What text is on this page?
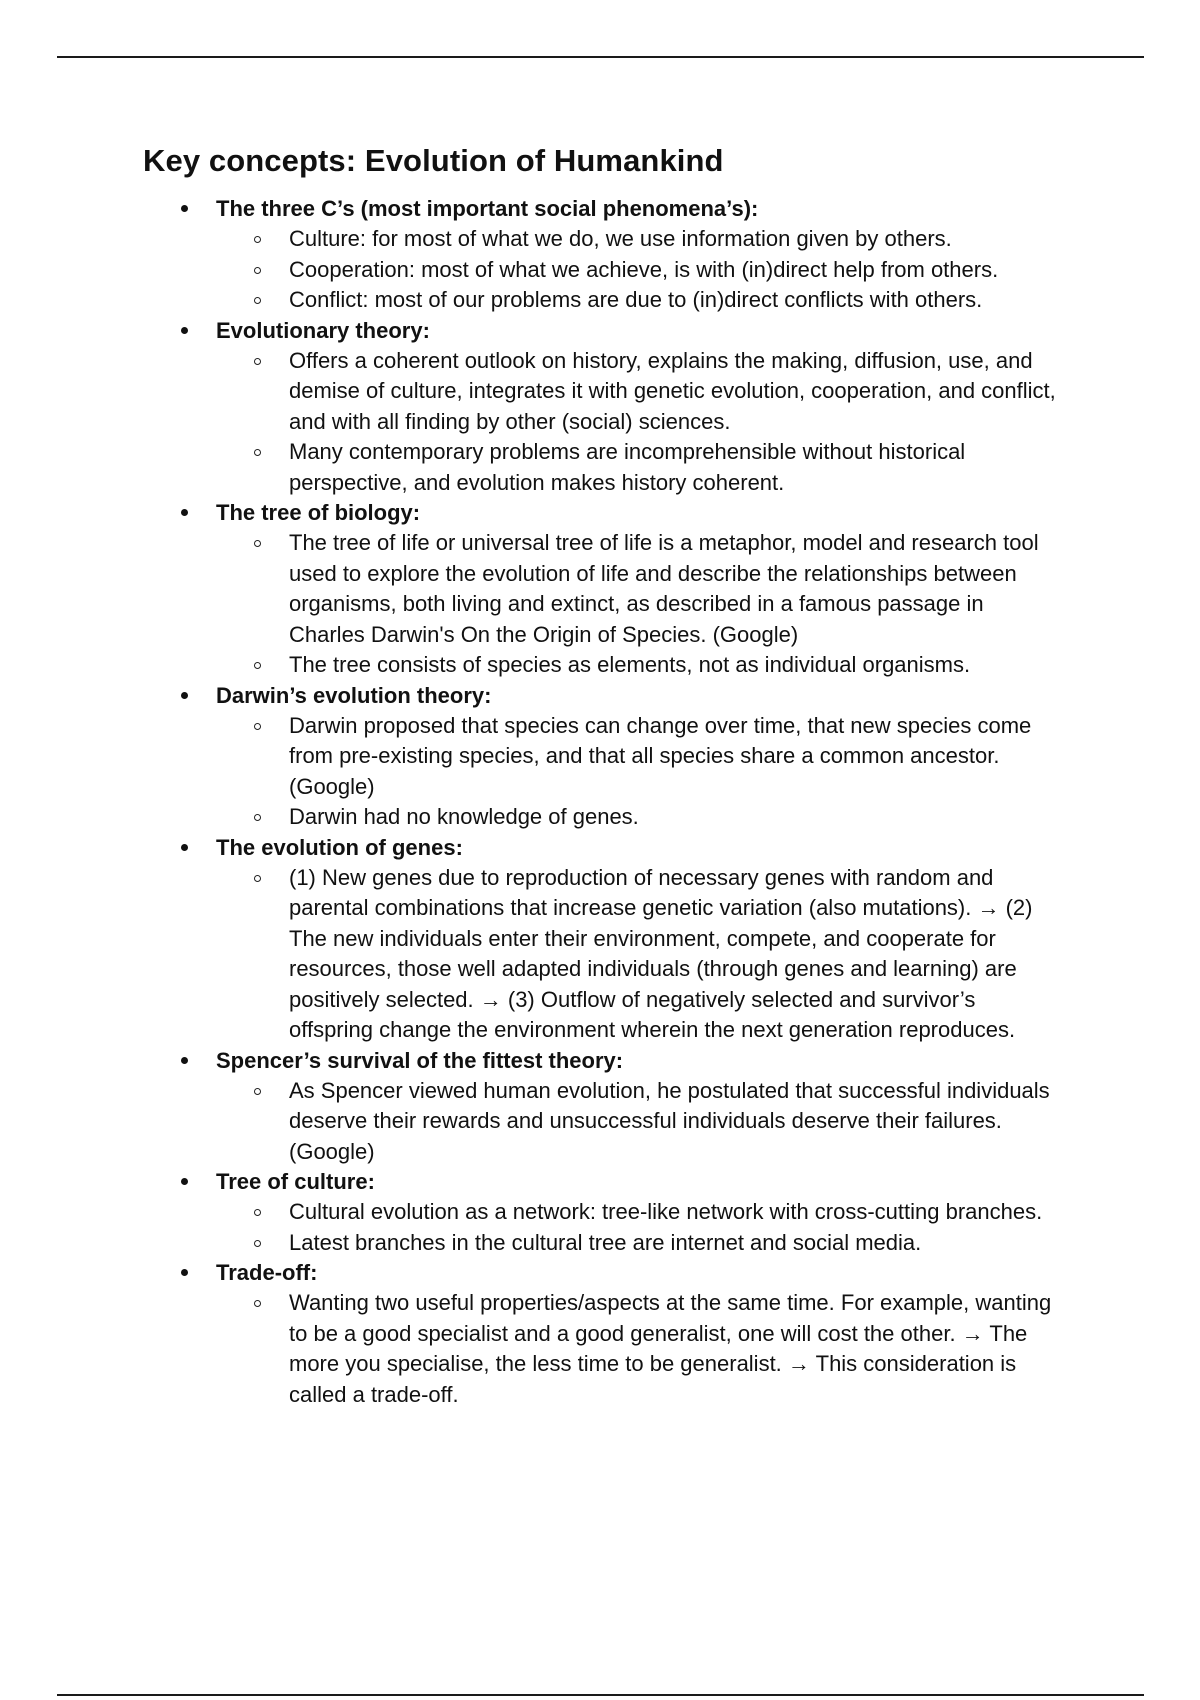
Key concepts: Evolution of Humankind
The three C’s (most important social phenomena’s):
Culture: for most of what we do, we use information given by others.
Cooperation: most of what we achieve, is with (in)direct help from others.
Conflict: most of our problems are due to (in)direct conflicts with others.
Evolutionary theory:
Offers a coherent outlook on history, explains the making, diffusion, use, and demise of culture, integrates it with genetic evolution, cooperation, and conflict, and with all finding by other (social) sciences.
Many contemporary problems are incomprehensible without historical perspective, and evolution makes history coherent.
The tree of biology:
The tree of life or universal tree of life is a metaphor, model and research tool used to explore the evolution of life and describe the relationships between organisms, both living and extinct, as described in a famous passage in Charles Darwin's On the Origin of Species. (Google)
The tree consists of species as elements, not as individual organisms.
Darwin’s evolution theory:
Darwin proposed that species can change over time, that new species come from pre-existing species, and that all species share a common ancestor. (Google)
Darwin had no knowledge of genes.
The evolution of genes:
(1) New genes due to reproduction of necessary genes with random and parental combinations that increase genetic variation (also mutations). → (2) The new individuals enter their environment, compete, and cooperate for resources, those well adapted individuals (through genes and learning) are positively selected. → (3) Outflow of negatively selected and survivor’s offspring change the environment wherein the next generation reproduces.
Spencer’s survival of the fittest theory:
As Spencer viewed human evolution, he postulated that successful individuals deserve their rewards and unsuccessful individuals deserve their failures. (Google)
Tree of culture:
Cultural evolution as a network: tree-like network with cross-cutting branches.
Latest branches in the cultural tree are internet and social media.
Trade-off:
Wanting two useful properties/aspects at the same time. For example, wanting to be a good specialist and a good generalist, one will cost the other. → The more you specialise, the less time to be generalist. → This consideration is called a trade-off.
